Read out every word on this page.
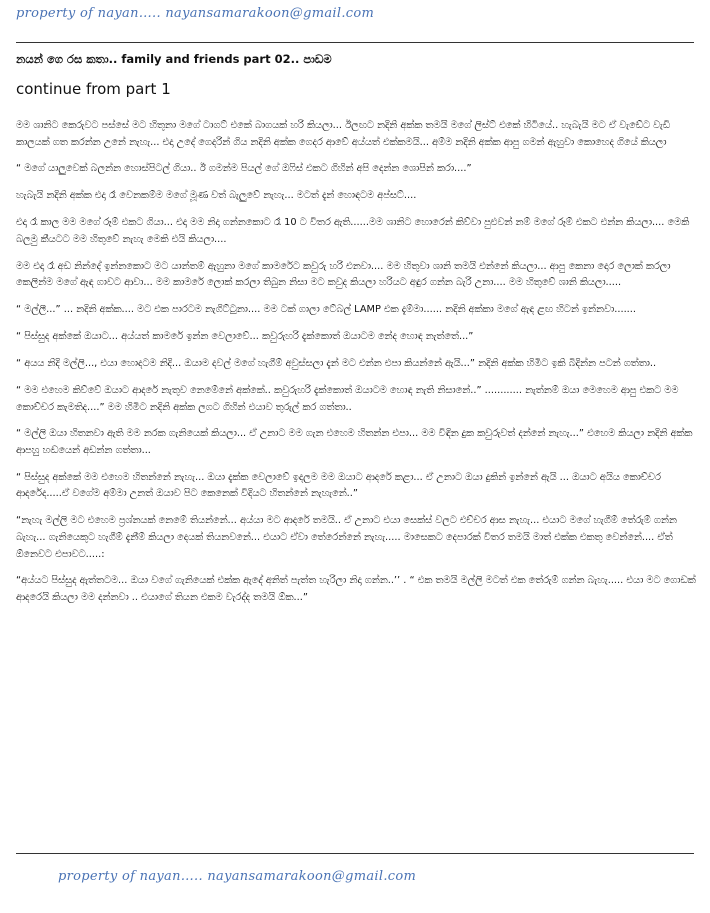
property of nayan….. nayansamarakoon@gmail.com
නයන් ගෙ රස කතා.. family and friends part 02.. පාඩම
continue from part 1

මම ශානිට කෙරුවට පස්සේ මට හිතුනා මගේ ටාගට් එකේ බාගයක් හරි කියලා... ඊලඟට නදිනි අක්ක තමයි මගේ ලිස්ට් එකේ හිටියේ.. හැබැයි මට ඒ වැඩේට වැඩි කාලයක් ගත කරන්න උනේ නැහැ... එදා උදේ ගෙදරින් ගිය නදිනි අක්ක ගෙදර ආවේ අය්යත් එක්කමයි... අම්ම නදිනි අක්ක ආපු ගමන් ඇහුවා කොහෙද ගියේ කියලා

“ මගේ යාලුවෙක් බලන්න හොස්පිටල් ගියා.. ඊ ගමන්ම පියල් ගේ ඔෆිස් එකට ගිහින් අපි දෙන්න ශොපින් කරා....”

හැබැයි නදිනි අක්ක එදා රෑ වෙනකම්ම මගේ මූණ වත් බැලුවේ නැහැ... මටත් දැන් හොඳටම අප්සට්....

එදා රෑ කාල මම මගේ රූම් එකට ගියා... එදා මම නිදා ගන්නකොට රෑ 10 ට විතර ඇති......මම ශානිට හොරෙන් කිව්වා පුළුවන් නම් මගේ රූම් එකට එන්න කියලා.... මෙකි බලමු කීයටට මම හිතුවේ නැහැ මෙකි එයි කියලා....

මම එදා රෑ අඩ නින්දේ ඉන්නකොට මට යාන්තම් ඇහුනා මගේ කාමරේට කවුරු හරි එනවා.... මම හිතුවා ශානි තමයි එන්නේ කියලා... ආපු කෙනා දොර ලොක් කරලා කෙලින්ම මගේ ඇඳ ගාවට ආවා... මම කාමරේ ලොක් කරලා තිබුන නිසා මට කවුද කියලා හරියට අඳුර ගන්න බැරි උනා.... මම හිතුවේ ශානි කියලා.....

“ මල්ලී...” ... නදිනි අක්ක.... මට එක පාරටම නැගිට්ටුනා.... මම ටක් ගාලා ටේබල් LAMP එක දැම්මා...... නදිනි අක්කා මගේ ඇඳ ළඟ හිටන් ඉන්නවා.......

“ පිස්සුද අක්කේ ඔයාට... අය්යත් කාමරේ ඉන්න වෙලාවේ... කවුරුහරි දැක්කොත් ඔයාටම නේද හොඳ නැත්තේ...”

“ අයය නිදි මල්ලි..., එයා හොදටම නිදි... ඔයාම දවල් මගේ හැගීම් අවුස්සලා දැන් මට එන්න එපා කියන්නේ ඇයි...” නදිනි අක්ක හිමිට ඉකි බිදින්න පටන් ගත්තා..

“ මම එහෙම කිව්වේ ඔයාට ආදරේ නැතුව නෙමේනේ අක්කේ.. කවුරුහරි දැක්කොත් ඔයාටම හොඳ නැති නිසානේ..” ............ නැත්නම් ඔයා මෙහෙම ආපු එකට මම කොච්චර කැමතිද....” මම හිමිට නදිනි අක්ක ලගට ගිහින් එයාව තුරුල් කර ගත්තා..

“ මල්ලි ඔයා හිතනවා ඇති මම නරක ගැනියෙක් කියලා... ඒ උනාට මම ගැන එහෙම හිතන්න එපා... මම විඳින දුක කවුරුවත් දන්නේ නැහැ...” එහෙම කියලා නදිනි අක්ක ආපහු හඬයෙන් අඩන්න ගත්තා...

“ පිස්සුද අක්කේ මම එහෙම හිතන්නේ නැහැ... ඔයා දැක්ක වෙලාවේ ඉදලම මම ඔයාට ආදරේ කළා... ඒ උනාට ඔයා දුකින් ඉන්නේ ඇයි ... ඔයාට අයිය කොච්චර ආදරේද.....ඒ වගේම අම්මා උනත් ඔයාව පිට කෙනෙක් විදියට හිතන්නේ නැහැනේ..”

“නැහැ මල්ලි මට එහෙම ප්‍රශ්නයක් නෙමේ තියන්නේ... අය්යා මට ආදරේ තමයි.. ඒ උනාට එයා සෙක්ස් වලට එච්චර ආස නැහැ... එයාට මගේ හැගීම් තේරුම් ගන්න බැහැ... ගැනියෙකුට හැගීම් දැනීම් කියලා දෙයක් තියනවනේ... එයාට ඒවා තේරෙන්නේ නැහැ..... මාසෙකට දෙපාරක් විතර තමයි මාත් එක්ක එකතු වෙන්නේ.... ඒත් ඕනෙවට එපාවට.....:

“අය්යට පිස්සුද ඇත්තටම... ඔයා වගේ ගැනියෙක් එක්ක ඇදේ අනිත් පැත්ත හැරිලා නිදා ගන්න..’’ . “ එක තමයි මල්ලි මටත් එක තේරුම් ගන්න බැහැ..... එයා මට ගොඩක් ආදරෙයි කියලා මම දන්නවා .. එයාගේ තියන එකම වැරද්ද තමයි ඕක...”

property of nayan….. nayansamarakoon@gmail.com
